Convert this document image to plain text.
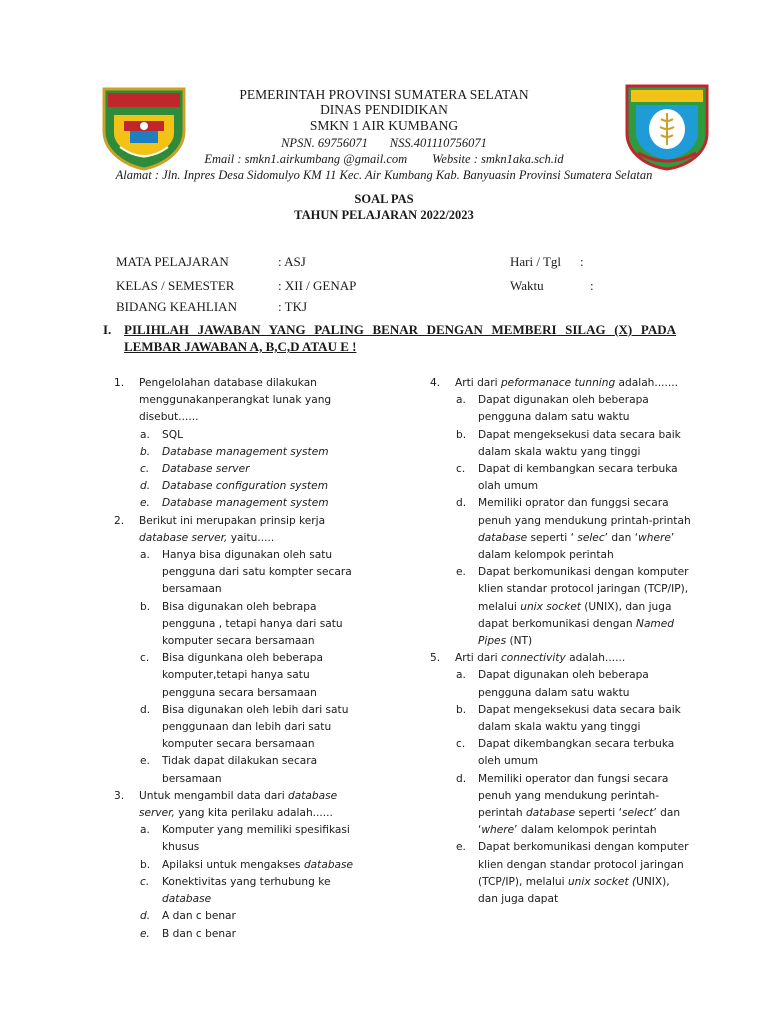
PEMERINTAH PROVINSI SUMATERA SELATAN
DINAS PENDIDIKAN
SMKN 1 AIR KUMBANG
NPSN. 69756071 NSS.401110756071
Email : smkn1.airkumbang @gmail.com Website : smkn1aka.sch.id
Alamat : Jln. Inpres Desa Sidomulyo KM 11 Kec. Air Kumbang Kab. Banyuasin Provinsi Sumatera Selatan
SOAL PAS
TAHUN PELAJARAN 2022/2023
MATA PELAJARAN	: ASJ	Hari / Tgl :
KELAS / SEMESTER	: XII / GENAP	Waktu	:
BIDANG KEAHLIAN	: TKJ
I. PILIHLAH JAWABAN YANG PALING BENAR DENGAN MEMBERI SILAG (X) PADA
LEMBAR JAWABAN A, B,C,D ATAU E !
1. Pengelolahan database dilakukan menggunakanperangkat lunak yang disebut......
a. SQL
b. Database management system
c. Database server
d. Database configuration system
e. Database management system
2. Berikut ini merupakan prinsip kerja database server, yaitu.....
a. Hanya bisa digunakan oleh satu pengguna dari satu kompter secara bersamaan
b. Bisa digunakan oleh bebrapa pengguna , tetapi hanya dari satu komputer secara bersamaan
c. Bisa digunkana oleh beberapa komputer,tetapi hanya satu pengguna secara bersamaan
d. Bisa digunakan oleh lebih dari satu penggunaan dan lebih dari satu komputer secara bersamaan
e. Tidak dapat dilakukan secara bersamaan
3. Untuk mengambil data dari database server, yang kita perilaku adalah......
a. Komputer yang memiliki spesifikasi khusus
b. Apilaksi untuk mengakses database
c. Konektivitas yang terhubung ke database
d. A dan c benar
e. B dan c benar
4. Arti dari peformanace tunning adalah.......
a. Dapat digunakan oleh beberapa pengguna dalam satu waktu
b. Dapat mengeksekusi data secara baik dalam skala waktu yang tinggi
c. Dapat di kembangkan secara terbuka olah umum
d. Memiliki oprator dan funggsi secara penuh yang mendukung printah-printah database seperti ‘ selec’ dan ‘where’ dalam kelompok perintah
e. Dapat berkomunikasi dengan komputer klien standar protocol jaringan (TCP/IP), melalui unix socket (UNIX), dan juga dapat berkomunikasi dengan Named Pipes (NT)
5. Arti dari connectivity adalah......
a. Dapat digunakan oleh beberapa pengguna dalam satu waktu
b. Dapat mengeksekusi data secara baik dalam skala waktu yang tinggi
c. Dapat dikembangkan secara terbuka oleh umum
d. Memiliki operator dan fungsi secara penuh yang mendukung perintah-perintah database seperti ‘select’ dan ‘where’ dalam kelompok perintah
e. Dapat berkomunikasi dengan komputer klien dengan standar protocol jaringan (TCP/IP), melalui unix socket (UNIX), dan juga dapat
